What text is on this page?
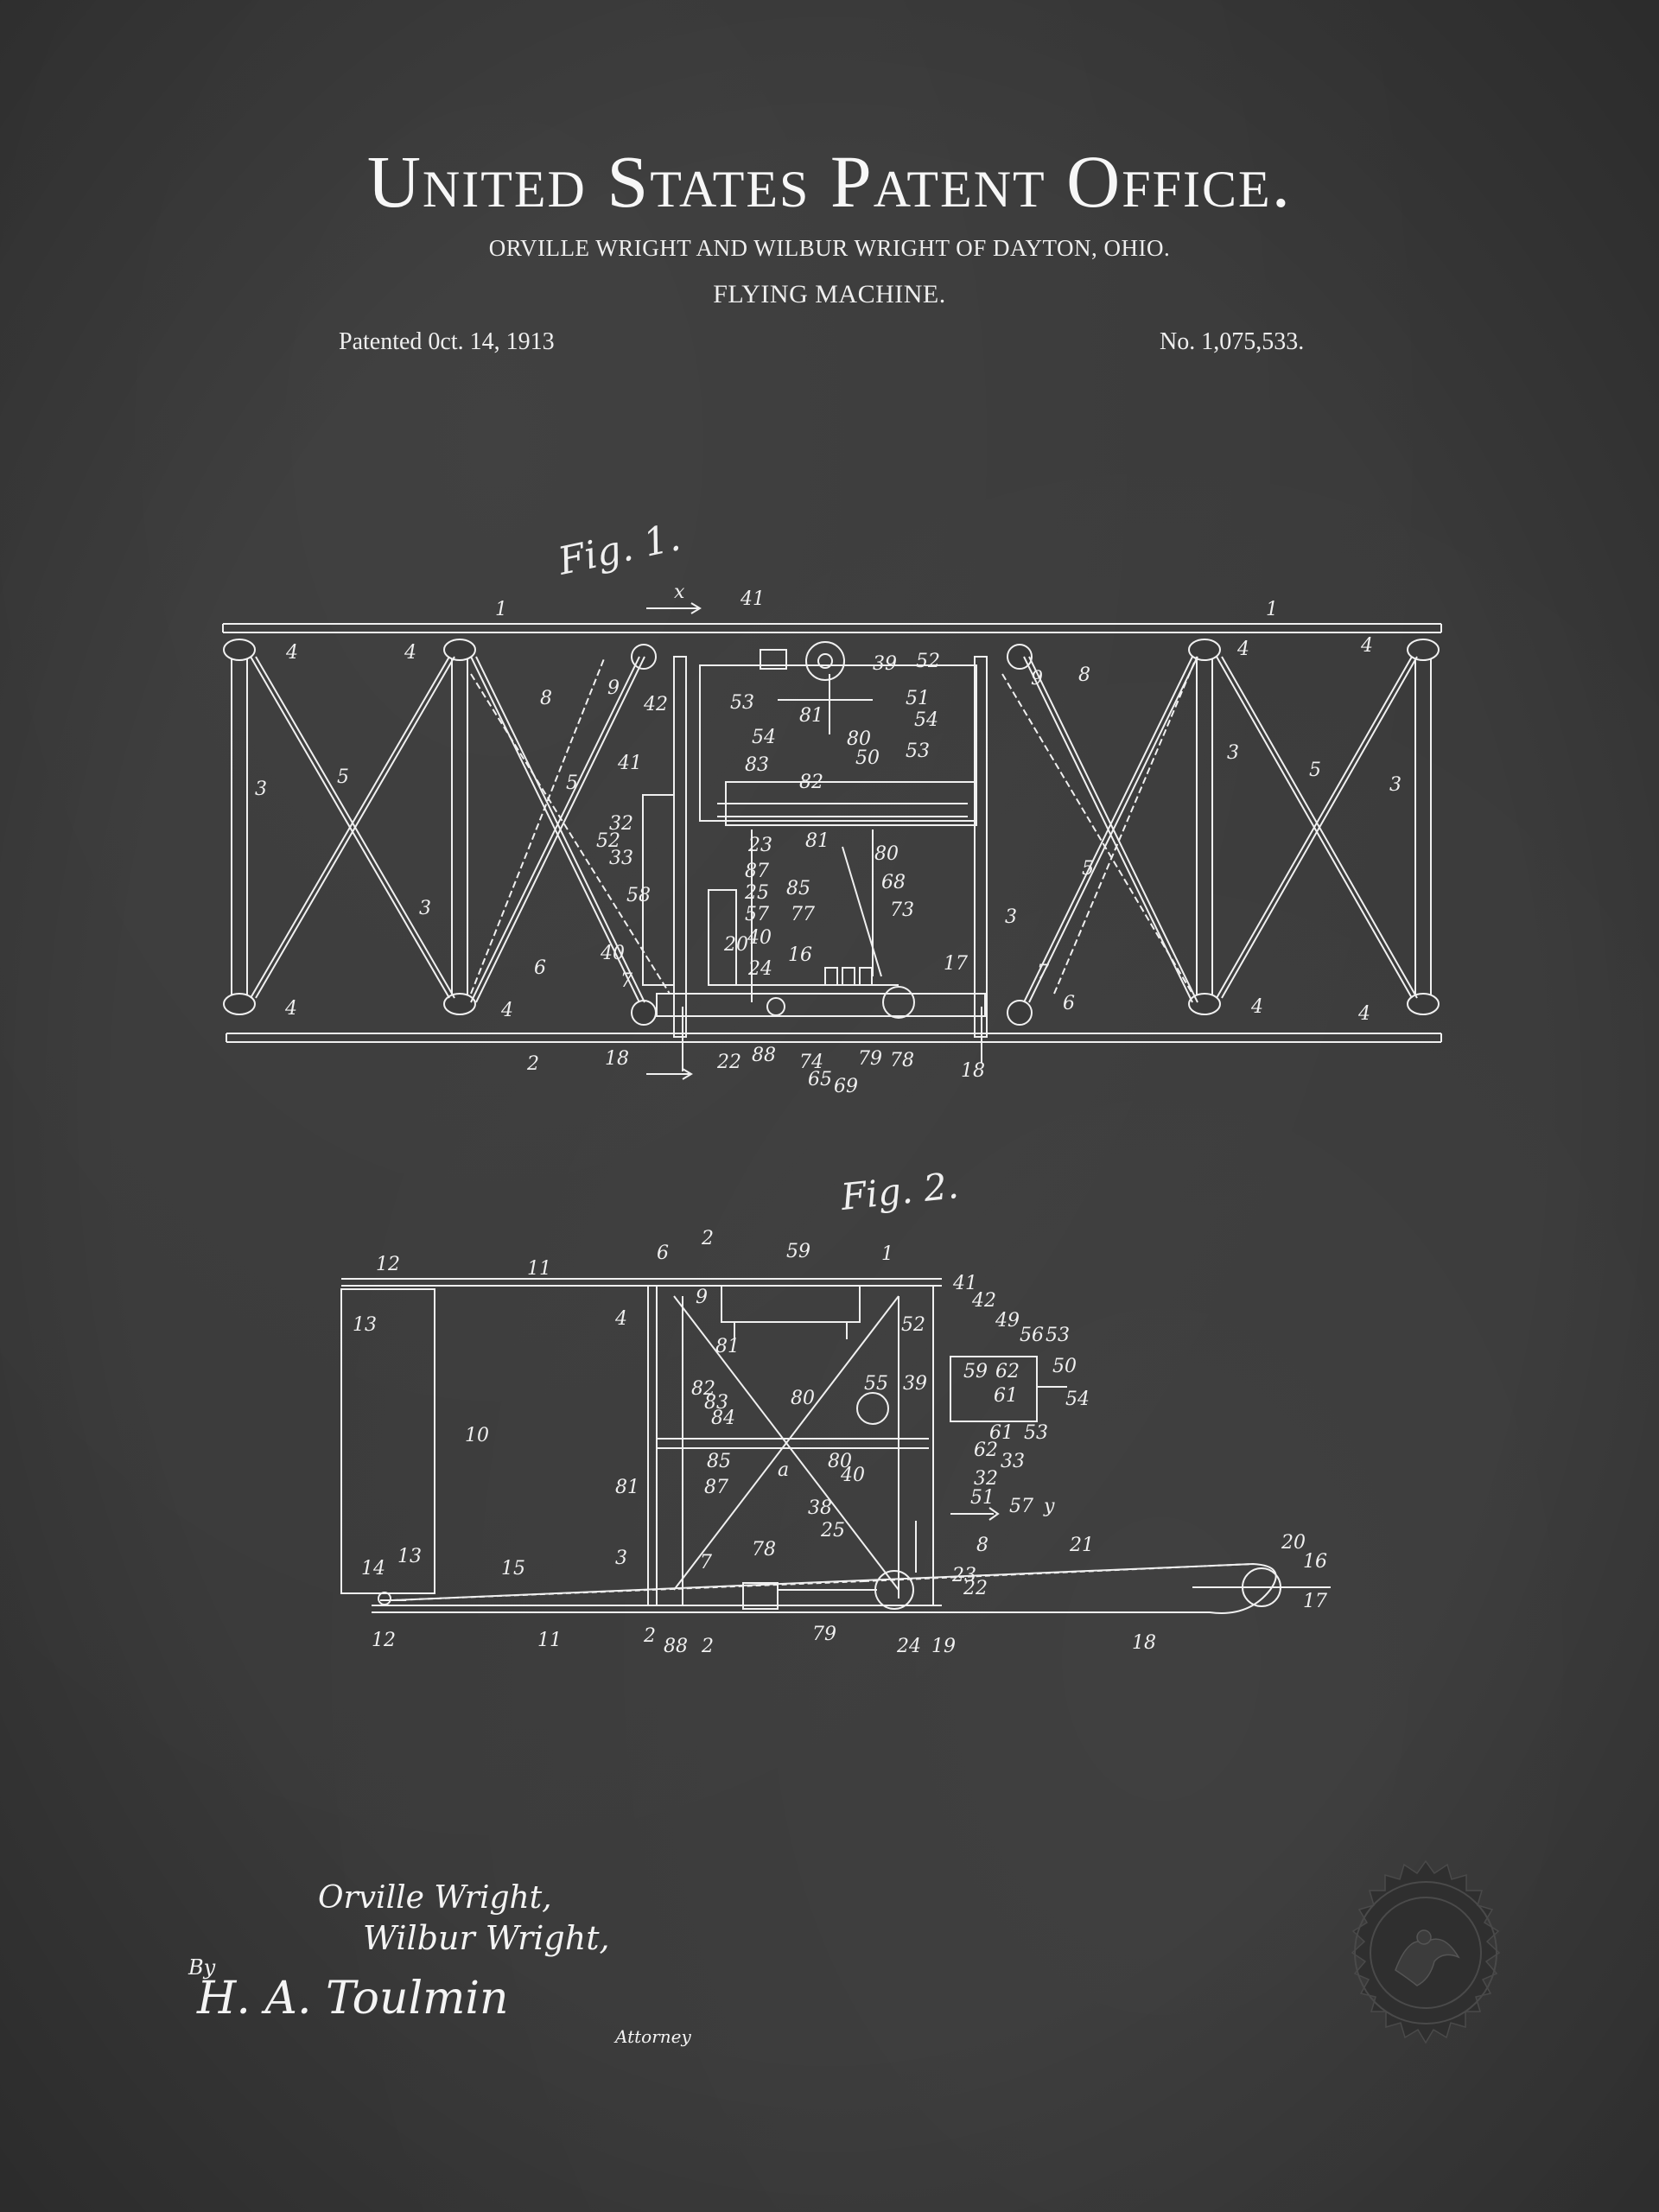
United States Patent Office.
ORVILLE WRIGHT AND WILBUR WRIGHT OF DAYTON, OHIO.
FLYING MACHINE.
Patented 0ct. 14, 1913	No. 1,075,533.
Fig. 1.
1	1
x	41
4	4	4	4
3	3
3
3
3
5	5
5
5
8
8
9	9
6
6
7	7
4	4	4	4
2	18
18
22 88 74
65 69
79 78
17
40
42
41
32
52
33
58
39 52
51
54
53
80
50
82
81
80
68
73
85
77
87
25
57
40
24
16
53
54
81
83
23
20
Fig. 2.
12
13
11
6
2
59	1
41
42
49
56 53
50
54
53
61
62
33
32
51 57 y
8	21	20
16
17
18
19
24
23
22
79
78
7
2 88 2
11
12
14
13
15
10
81
3
4
9
81
82
83
84
85
87
80
80
a	40
38
25
55 39
52
59 62
61
Orville Wright,
Wilbur Wright,
By
H. A. Toulmin
Attorney
